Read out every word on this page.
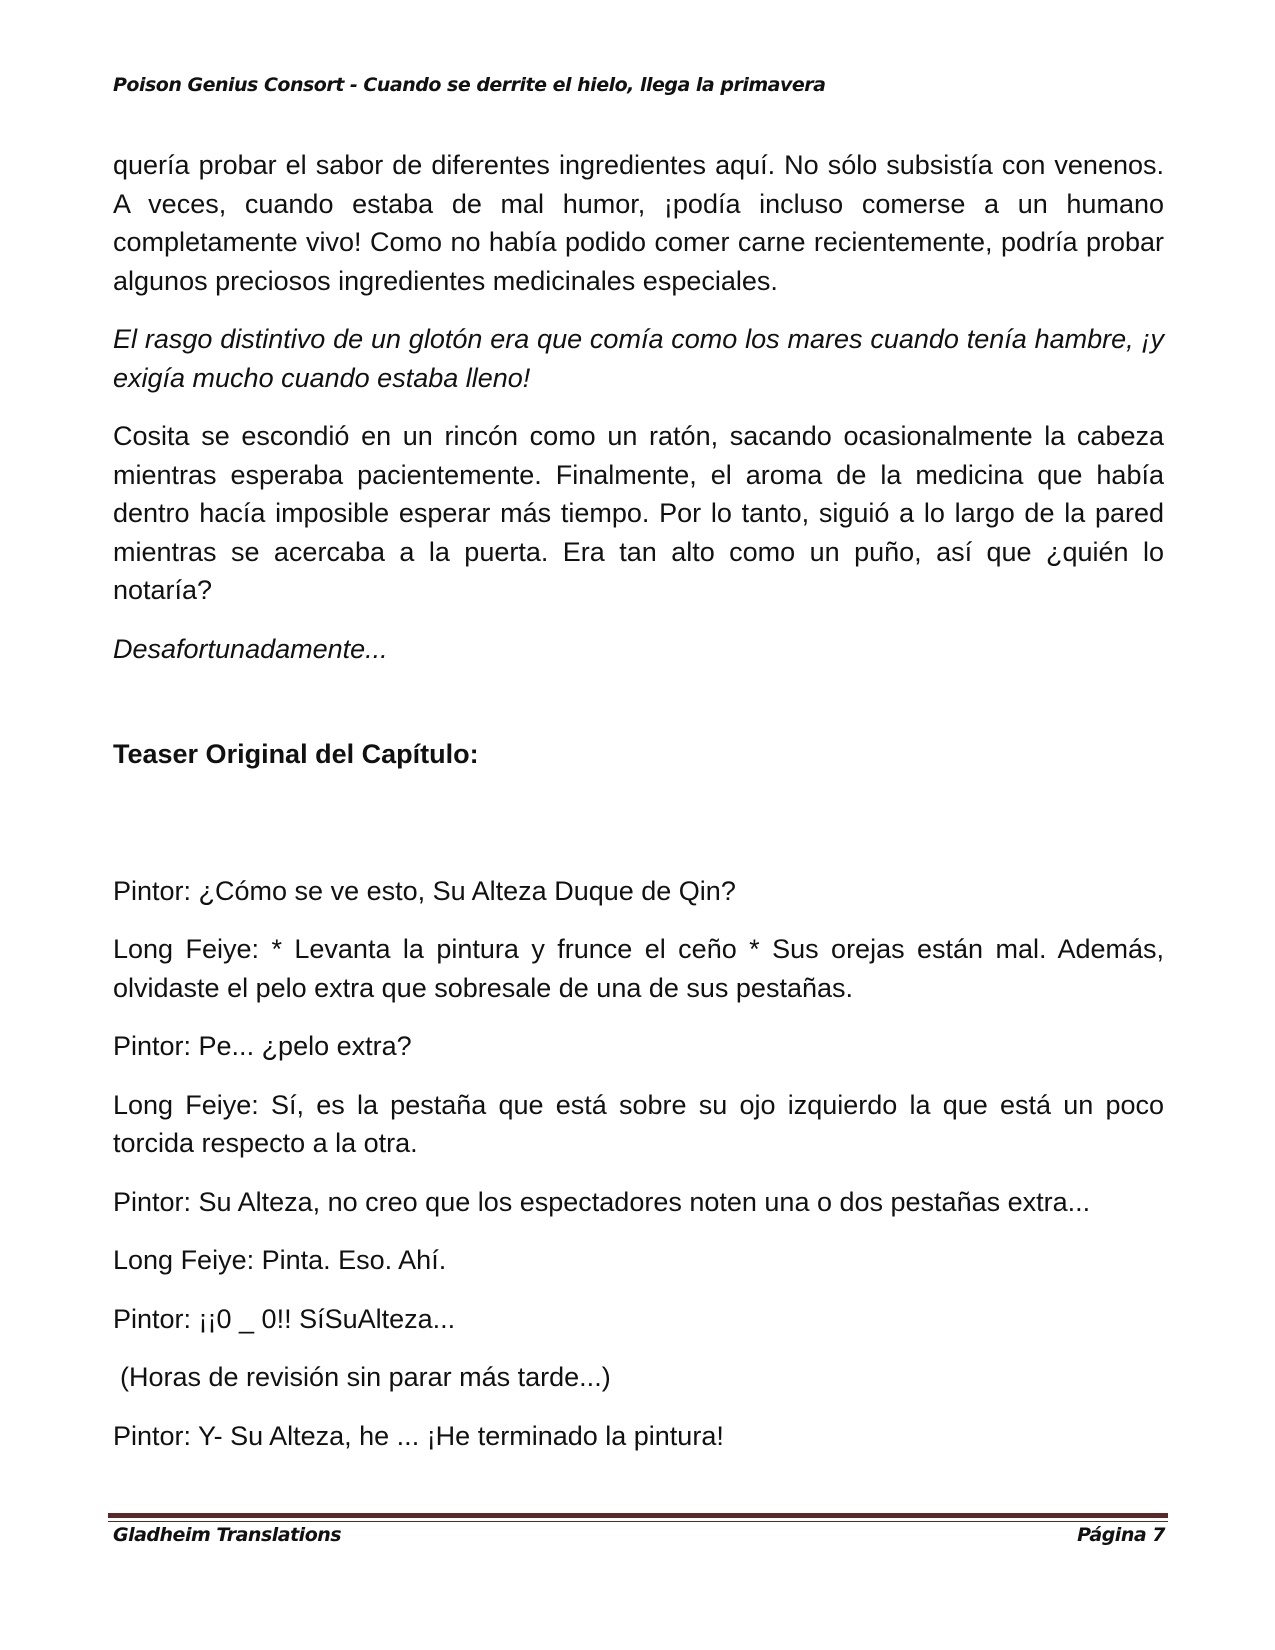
Poison Genius Consort - Cuando se derrite el hielo, llega la primavera

quería probar el sabor de diferentes ingredientes aquí. No sólo subsistía con venenos. A veces, cuando estaba de mal humor, ¡podía incluso comerse a un humano completamente vivo! Como no había podido comer carne recientemente, podría probar algunos preciosos ingredientes medicinales especiales.

El rasgo distintivo de un glotón era que comía como los mares cuando tenía hambre, ¡y exigía mucho cuando estaba lleno!

Cosita se escondió en un rincón como un ratón, sacando ocasionalmente la cabeza mientras esperaba pacientemente. Finalmente, el aroma de la medicina que había dentro hacía imposible esperar más tiempo. Por lo tanto, siguió a lo largo de la pared mientras se acercaba a la puerta. Era tan alto como un puño, así que ¿quién lo notaría?

Desafortunadamente...

Teaser Original del Capítulo:

Pintor: ¿Cómo se ve esto, Su Alteza Duque de Qin?

Long Feiye: * Levanta la pintura y frunce el ceño * Sus orejas están mal. Además, olvidaste el pelo extra que sobresale de una de sus pestañas.

Pintor: Pe... ¿pelo extra?

Long Feiye: Sí, es la pestaña que está sobre su ojo izquierdo la que está un poco torcida respecto a la otra.

Pintor: Su Alteza, no creo que los espectadores noten una o dos pestañas extra...

Long Feiye: Pinta. Eso. Ahí.

Pintor: ¡¡0 _ 0!! SíSuAlteza...

(Horas de revisión sin parar más tarde...)

Pintor: Y- Su Alteza, he ... ¡He terminado la pintura!

Gladheim Translations	Página 7
